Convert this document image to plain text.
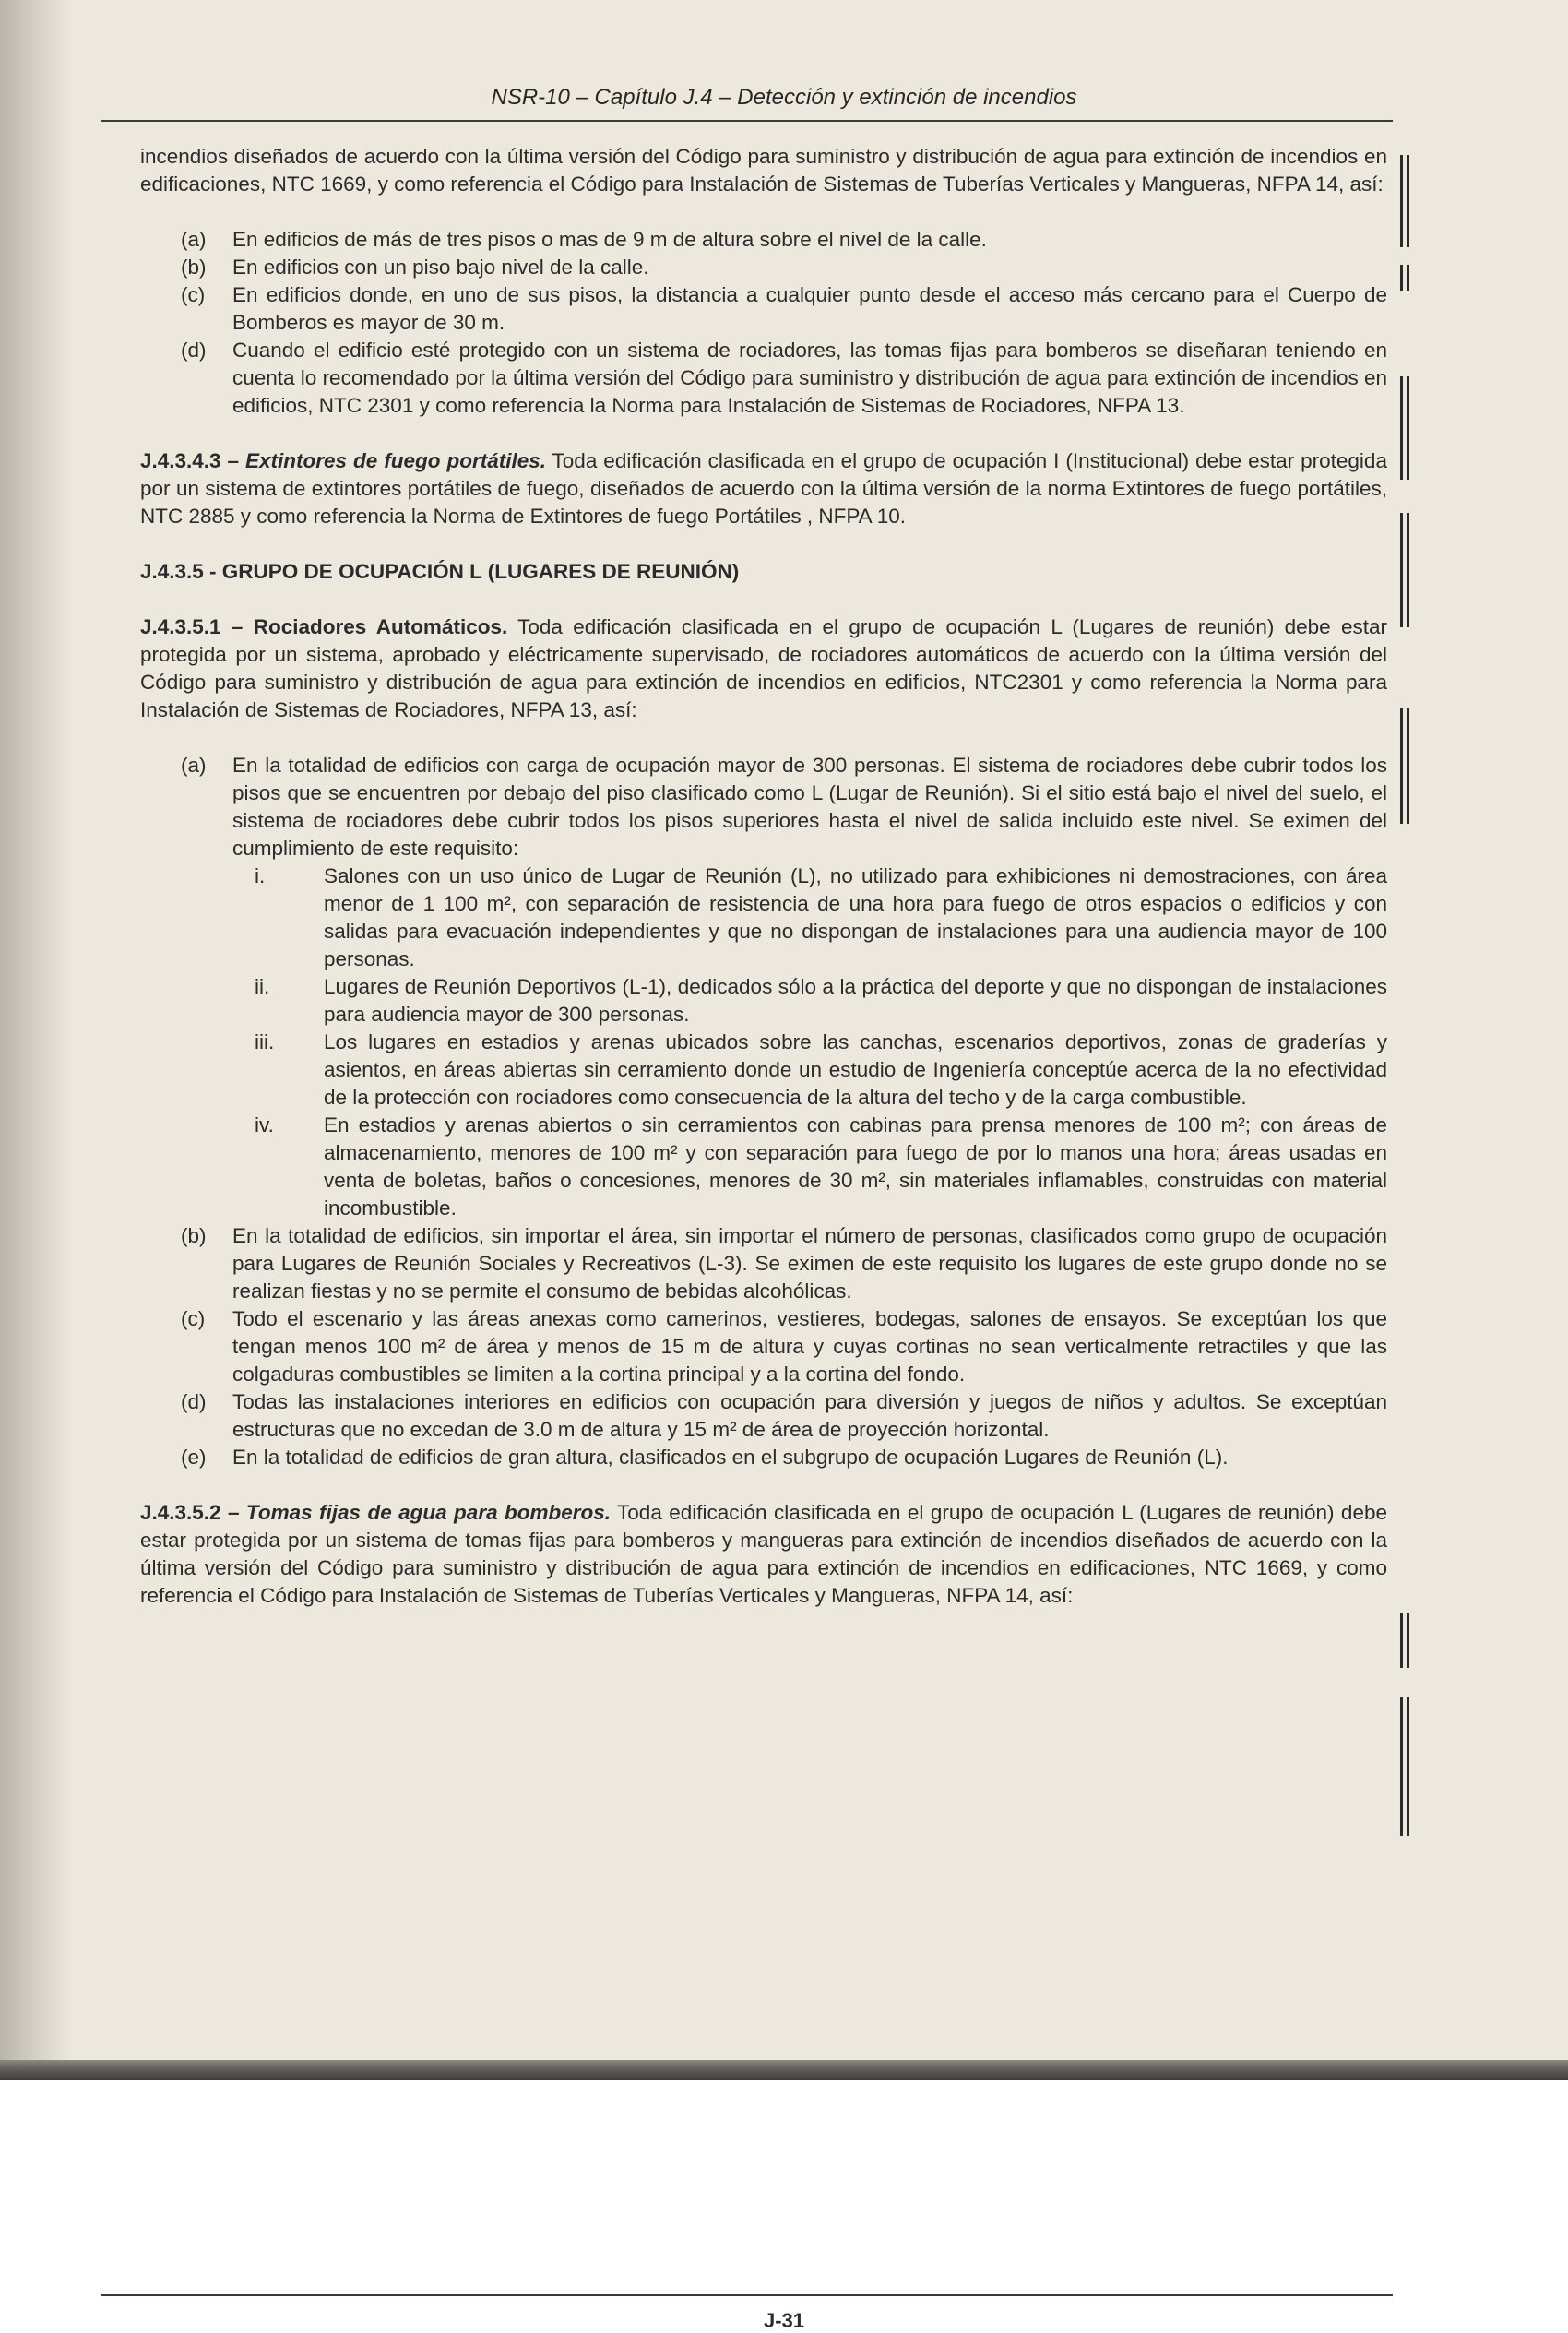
NSR-10 – Capítulo J.4 – Detección y extinción de incendios

incendios diseñados de acuerdo con la última versión del Código para suministro y distribución de agua para extinción de incendios en edificaciones, NTC 1669, y como referencia el Código para Instalación de Sistemas de Tuberías Verticales y Mangueras, NFPA 14, así:

(a)	En edificios de más de tres pisos o mas de 9 m de altura sobre el nivel de la calle.
(b)	En edificios con un piso bajo nivel de la calle.
(c)	En edificios donde, en uno de sus pisos, la distancia a cualquier punto desde el acceso más cercano para el Cuerpo de Bomberos es mayor de 30 m.
(d)	Cuando el edificio esté protegido con un sistema de rociadores, las tomas fijas para bomberos se diseñaran teniendo en cuenta lo recomendado por la última versión del Código para suministro y distribución de agua para extinción de incendios en edificios, NTC 2301 y como referencia la Norma para Instalación de Sistemas de Rociadores, NFPA 13.

J.4.3.4.3 – Extintores de fuego portátiles. Toda edificación clasificada en el grupo de ocupación I (Institucional) debe estar protegida por un sistema de extintores portátiles de fuego, diseñados de acuerdo con la última versión de la norma Extintores de fuego portátiles, NTC 2885 y como referencia la Norma de Extintores de fuego Portátiles , NFPA 10.

J.4.3.5 - GRUPO DE OCUPACIÓN L (LUGARES DE REUNIÓN)

J.4.3.5.1 – Rociadores Automáticos. Toda edificación clasificada en el grupo de ocupación L (Lugares de reunión) debe estar protegida por un sistema, aprobado y eléctricamente supervisado, de rociadores automáticos de acuerdo con la última versión del Código para suministro y distribución de agua para extinción de incendios en edificios, NTC2301 y como referencia la Norma para Instalación de Sistemas de Rociadores, NFPA 13, así:

(a)	En la totalidad de edificios con carga de ocupación mayor de 300 personas. El sistema de rociadores debe cubrir todos los pisos que se encuentren por debajo del piso clasificado como L (Lugar de Reunión). Si el sitio está bajo el nivel del suelo, el sistema de rociadores debe cubrir todos los pisos superiores hasta el nivel de salida incluido este nivel. Se eximen del cumplimiento de este requisito:
i.	Salones con un uso único de Lugar de Reunión (L), no utilizado para exhibiciones ni demostraciones, con área menor de 1 100 m², con separación de resistencia de una hora para fuego de otros espacios o edificios y con salidas para evacuación independientes y que no dispongan de instalaciones para una audiencia mayor de 100 personas.
ii.	Lugares de Reunión Deportivos (L-1), dedicados sólo a la práctica del deporte y que no dispongan de instalaciones para audiencia mayor de 300 personas.
iii.	Los lugares en estadios y arenas ubicados sobre las canchas, escenarios deportivos, zonas de graderías y asientos, en áreas abiertas sin cerramiento donde un estudio de Ingeniería conceptúe acerca de la no efectividad de la protección con rociadores como consecuencia de la altura del techo y de la carga combustible.
iv.	En estadios y arenas abiertos o sin cerramientos con cabinas para prensa menores de 100 m²; con áreas de almacenamiento, menores de 100 m² y con separación para fuego de por lo manos una hora; áreas usadas en venta de boletas, baños o concesiones, menores de 30 m², sin materiales inflamables, construidas con material incombustible.
(b)	En la totalidad de edificios, sin importar el área, sin importar el número de personas, clasificados como grupo de ocupación para Lugares de Reunión Sociales y Recreativos (L-3). Se eximen de este requisito los lugares de este grupo donde no se realizan fiestas y no se permite el consumo de bebidas alcohólicas.
(c)	Todo el escenario y las áreas anexas como camerinos, vestieres, bodegas, salones de ensayos. Se exceptúan los que tengan menos 100 m² de área y menos de 15 m de altura y cuyas cortinas no sean verticalmente retractiles y que las colgaduras combustibles se limiten a la cortina principal y a la cortina del fondo.
(d)	Todas las instalaciones interiores en edificios con ocupación para diversión y juegos de niños y adultos. Se exceptúan estructuras que no excedan de 3.0 m de altura y 15 m² de área de proyección horizontal.
(e)	En la totalidad de edificios de gran altura, clasificados en el subgrupo de ocupación Lugares de Reunión (L).

J.4.3.5.2 – Tomas fijas de agua para bomberos. Toda edificación clasificada en el grupo de ocupación L (Lugares de reunión) debe estar protegida por un sistema de tomas fijas para bomberos y mangueras para extinción de incendios diseñados de acuerdo con la última versión del Código para suministro y distribución de agua para extinción de incendios en edificaciones, NTC 1669, y como referencia el Código para Instalación de Sistemas de Tuberías Verticales y Mangueras, NFPA 14, así:

J-31
